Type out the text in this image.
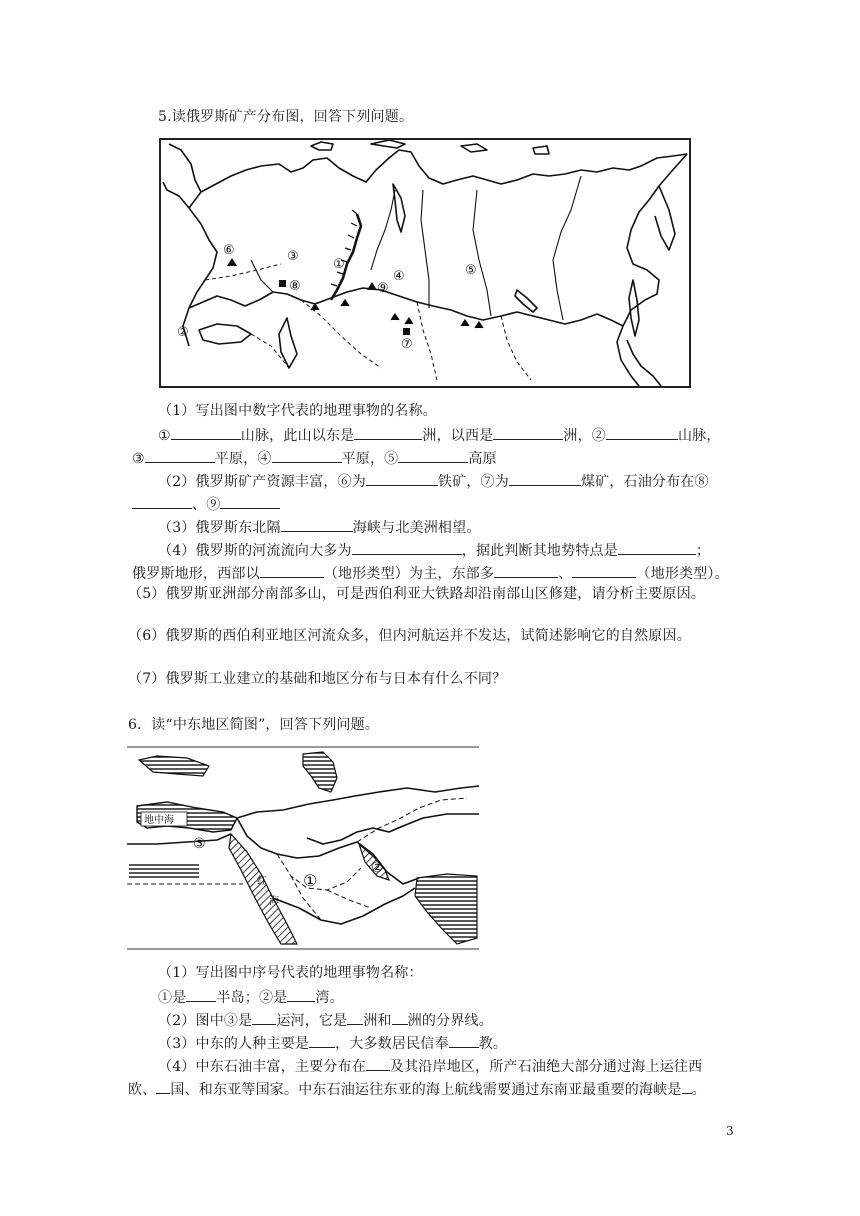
5.读俄罗斯矿产分布图，回答下列问题。
①
②
③
④	⑤
⑥
⑦
⑧	⑨
（1）写出图中数字代表的地理事物的名称。
①	山脉，此山以东是	洲，以西是	洲，②	山脉，
③	平原，④	平原，⑤	高原
（2）俄罗斯矿产资源丰富，⑥为	铁矿，⑦为	煤矿，石油分布在⑧
、⑨
（3）俄罗斯东北隔	海峡与北美洲相望。
（4）俄罗斯的河流流向大多为	，据此判断其地势特点是	；
俄罗斯地形，西部以	（地形类型）为主，东部多	、	（地形类型）。
（5）俄罗斯亚洲部分南部多山，可是西伯利亚大铁路却沿南部山区修建，请分析主要原因。
（6）俄罗斯的西伯利亚地区河流众多，但内河航运并不发达，试简述影响它的自然原因。
（7）俄罗斯工业建立的基础和地区分布与日本有什么不同？
6．读“中东地区简图”，回答下列问题。
地中海
红
海
①
②
③
（1）写出图中序号代表的地理事物名称：
①是 半岛；②是 湾。
（2）图中③是 运河，它是 洲和 洲的分界线。
（3）中东的人种主要是 ，大多数居民信奉 教。
（4）中东石油丰富，主要分布在 及其沿岸地区，所产石油绝大部分通过海上运往西
欧、 国、和东亚等国家。中东石油运往东亚的海上航线需要通过东南亚最重要的海峡是 。
3
